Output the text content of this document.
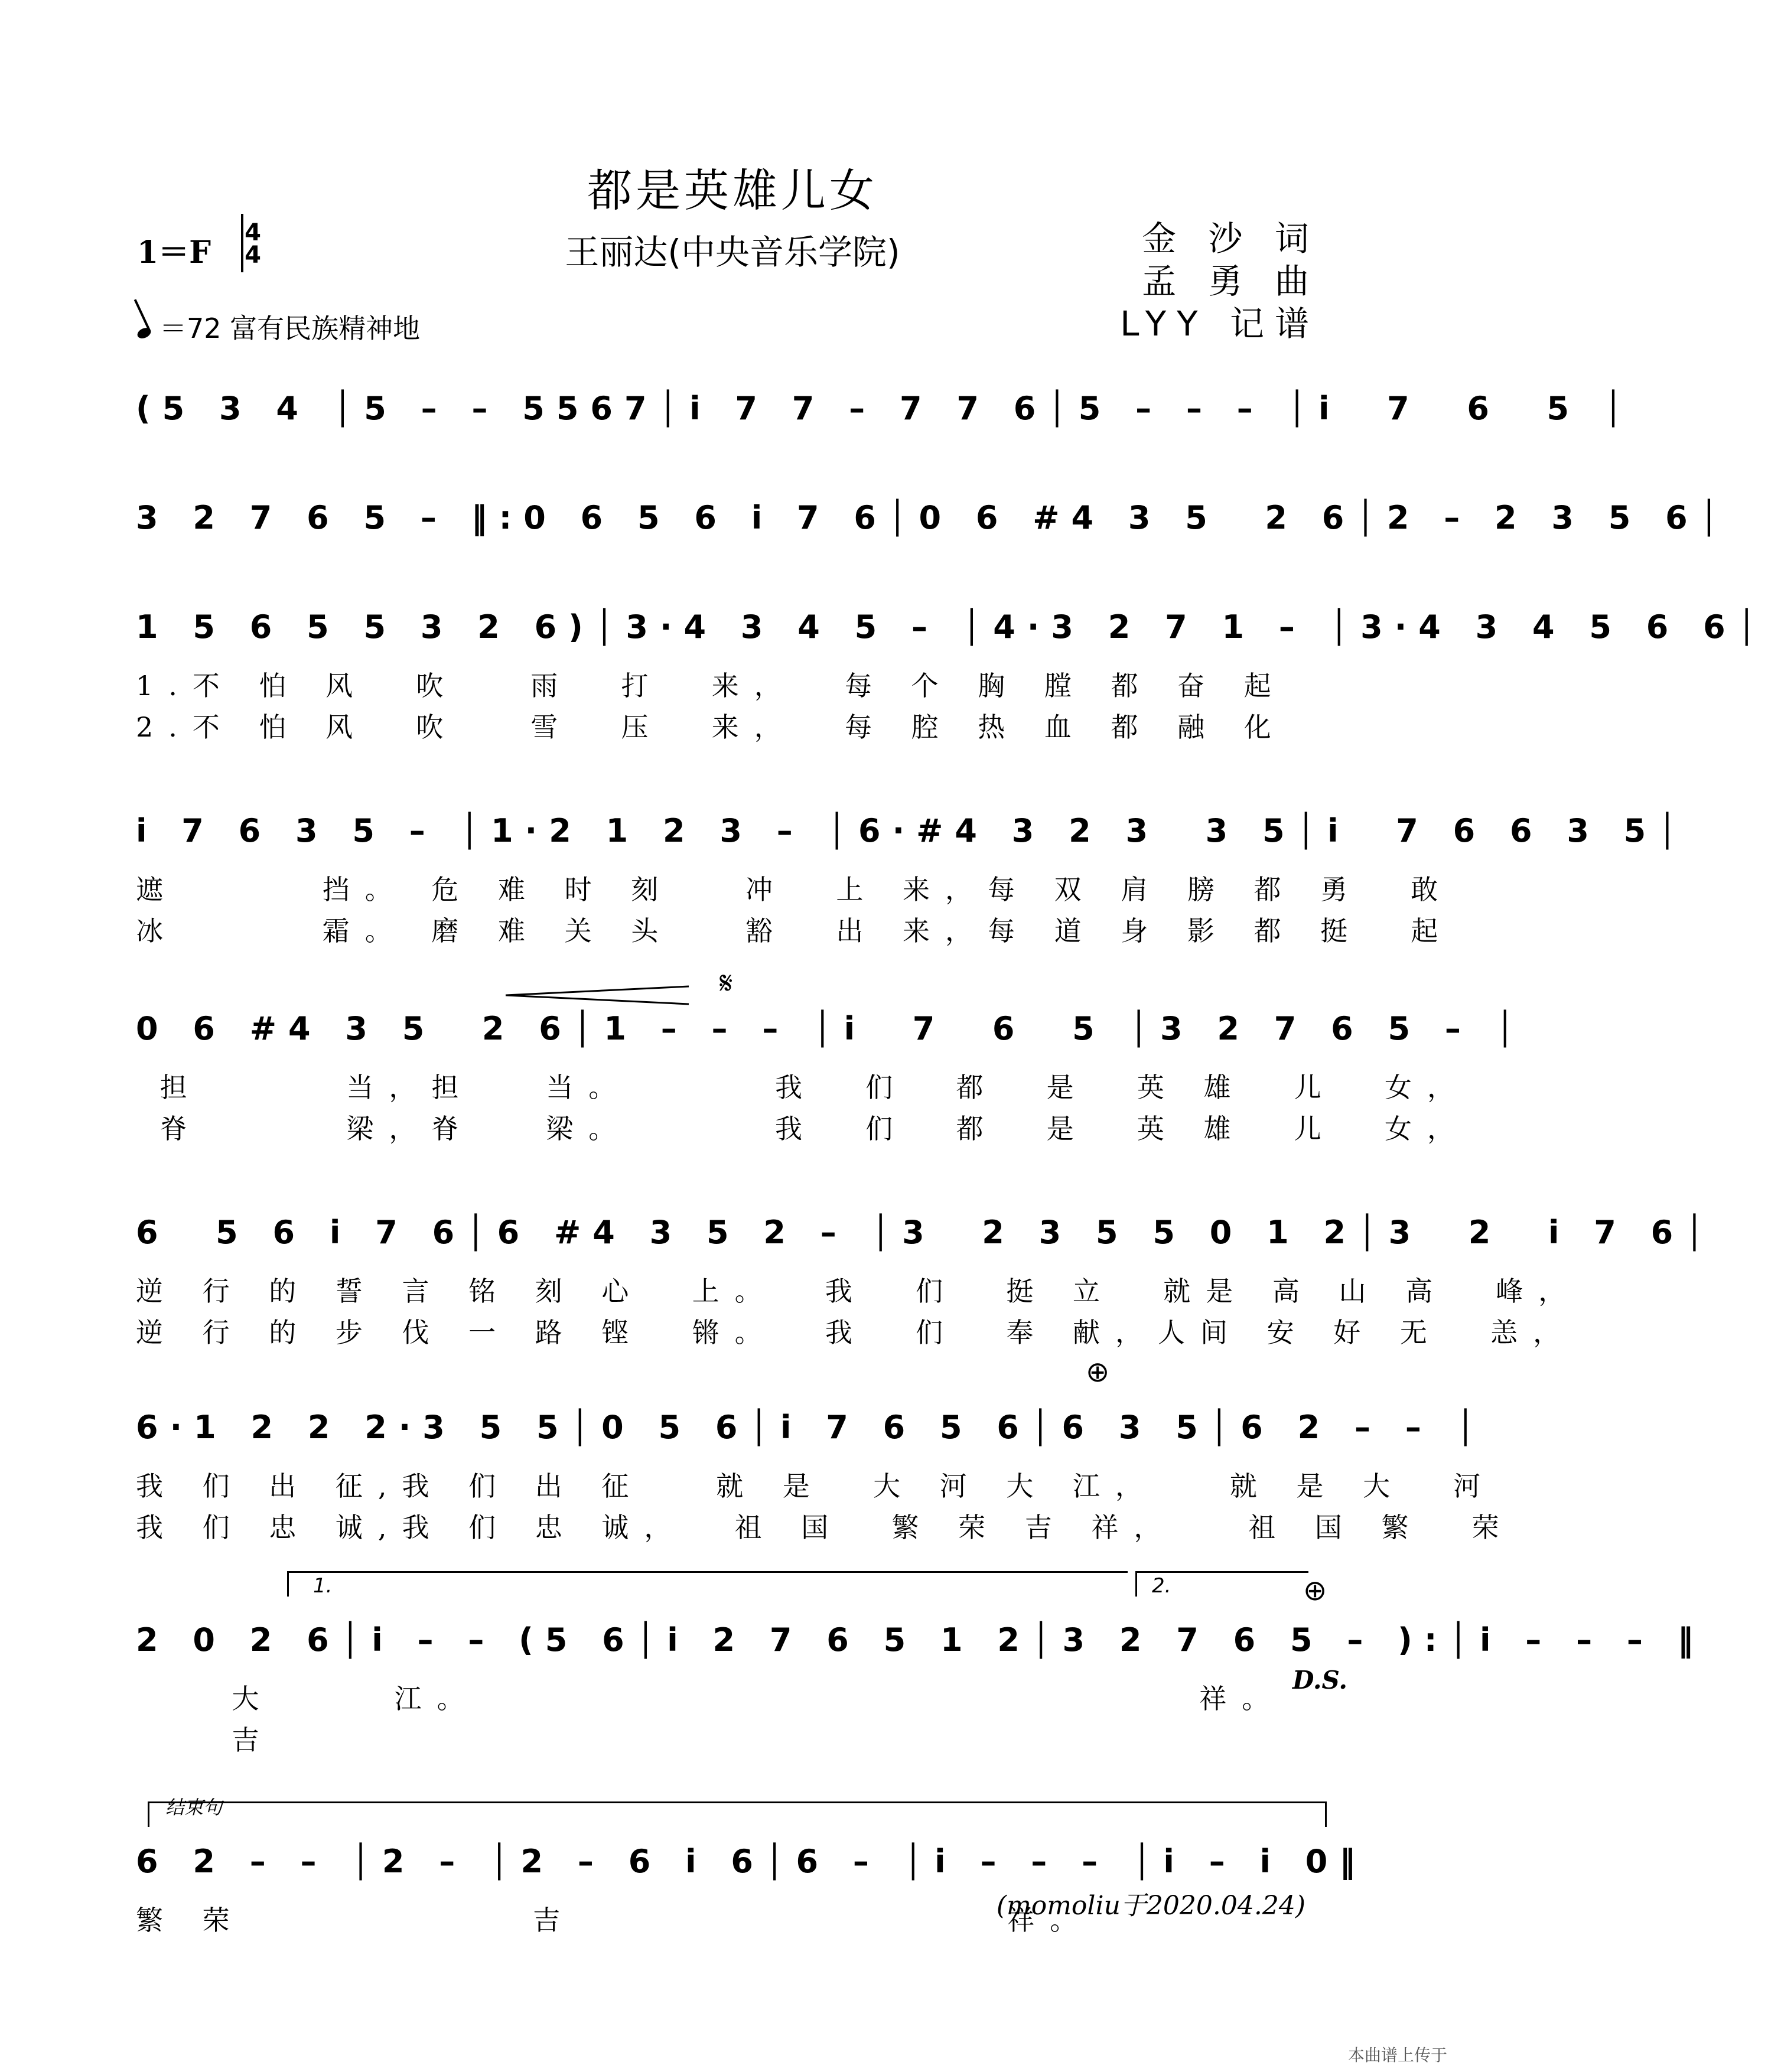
都是英雄儿女
1＝F
4
4	王丽达(中央音乐学院)	金 沙 词
孟 勇 曲
LYY 记谱
＝72 富有民族精神地
(5 3 4 │5 – – 5567│i 7 7 – 7 7 6│5 – – – │i  7  6  5 │
3 2 7 6 5 – ‖:0 6 5 6 i 7 6│0 6 #4 3 5  2 6│2 – 2 3 5 6│
1 5 6 5 5 3 2 6)│3·4 3 4 5 – │4·3 2 7 1 – │3·4 3 4 5 6 6│
1.不 怕 风  吹   雨  打  来，  每 个 胸 膛 都 奋 起
2.不 怕 风  吹   雪  压  来，  每 腔 热 血 都 融 化
i 7 6 3 5 – │1·2 1 2 3 – │6·#4 3 2 3  3 5│i  7 6 6 3 5│
遮      挡。 危 难 时 刻   冲  上 来，每 双 肩 膀 都 勇  敢
冰      霜。 磨 难 关 头   豁  出 来，每 道 身 影 都 挺  起
𝄋
0 6 #4 3 5  2 6│1 – – – │i  7  6  5 │3 2 7 6 5 – │
担      当，担   当。      我  们  都  是  英 雄  儿  女，
脊      梁，脊   梁。      我  们  都  是  英 雄  儿  女，
6  5 6 i 7 6│6 #4 3 5 2 – │3  2 3 5 5 0 1 2│3  2  i 7 6│
逆 行 的 誓 言 铭 刻 心  上。  我  们  挺 立  就是 高 山 高  峰，
逆 行 的 步 伐 一 路 铿  锵。  我  们  奉 献，人间 安 好 无  恙，
⊕
6·1 2 2 2·3 5 5│0 5 6│i 7 6 5 6│6 3 5│6 2 – – │
我 们 出 征,我 们 出 征   就 是  大 河 大 江，   就 是 大  河
我 们 忠 诚,我 们 忠 诚，  祖 国  繁 荣 吉 祥，   祖 国 繁  荣
1.	2.	⊕
2 0 2 6│i – – (5 6│i 2 7 6 5 1 2│3 2 7 6 5 – ):│i – – – ‖
大     江。                              祥。
吉
D.S.
结束句
6 2 – – │2 – │2 – 6 i 6│6 – │i – – – │i – i 0‖
繁 荣            吉                  祥。
(momoliu于2020.04.24)
本曲谱上传于
